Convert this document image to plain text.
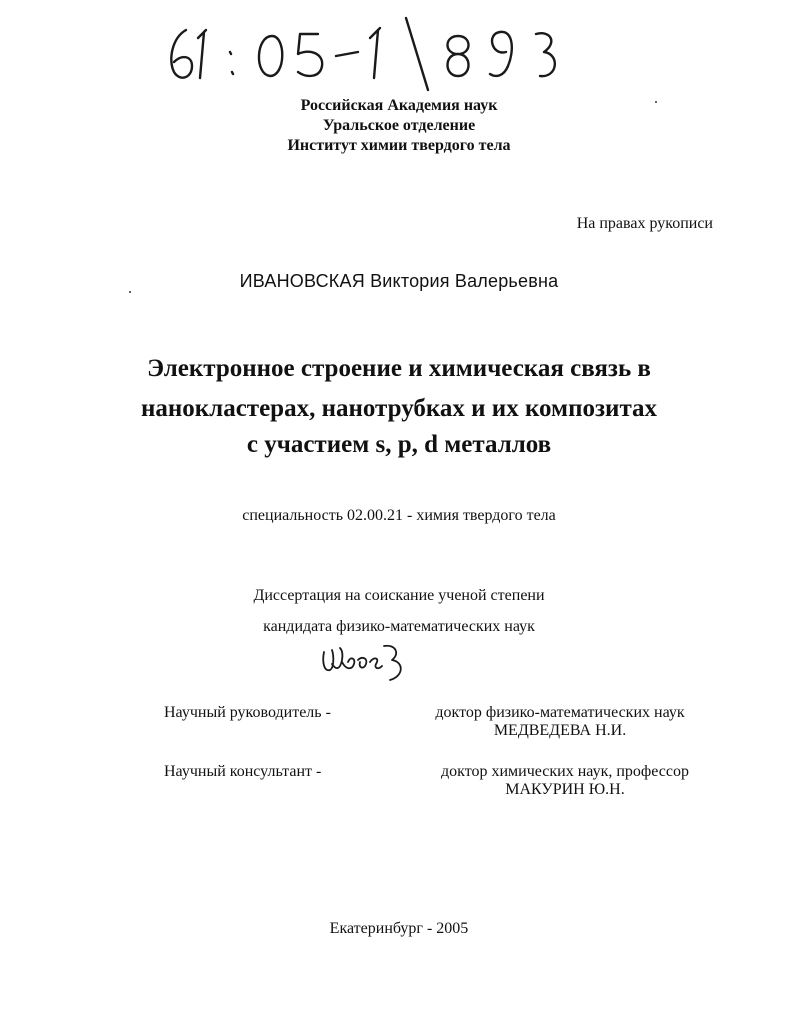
Российская Академия наук
Уральское отделение
Институт химии твердого тела
На правах рукописи
ИВАНОВСКАЯ Виктория Валерьевна
Электронное строение и химическая связь в
нанокластерах, нанотрубках и их композитах
с участием s, p, d металлов
специальность 02.00.21 - химия твердого тела
Диссертация на соискание ученой степени
кандидата физико-математических наук
Научный руководитель -	доктор физико-математических наук
МЕДВЕДЕВА Н.И.
Научный консультант -	доктор химических наук, профессор
МАКУРИН Ю.Н.
Екатеринбург - 2005
